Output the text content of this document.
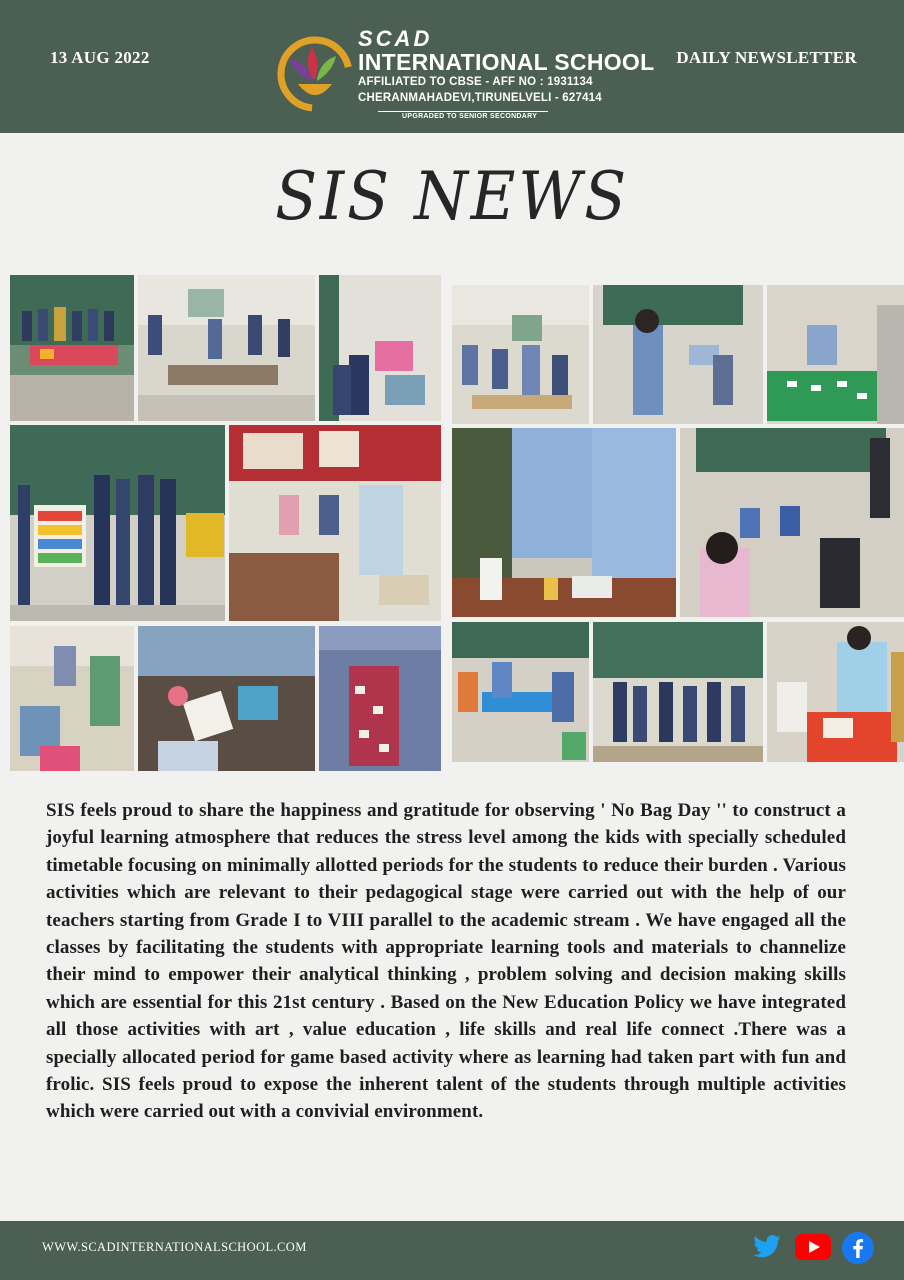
13 AUG 2022
SCAD
INTERNATIONAL SCHOOL
AFFILIATED TO CBSE - AFF NO : 1931134
CHERANMAHADEVI,TIRUNELVELI - 627414
UPGRADED TO SENIOR SECONDARY
DAILY NEWSLETTER
SIS NEWS
SIS feels proud to share the happiness and gratitude for observing ' No Bag Day '' to construct a joyful learning atmosphere that reduces the stress level among the kids with specially scheduled timetable focusing on minimally allotted periods for the students to reduce their burden . Various activities which are relevant to their pedagogical stage were carried out with the help of our teachers starting from Grade I to VIII parallel to the academic stream . We have engaged all the classes by facilitating the students with appropriate learning tools and materials to channelize their mind to empower their analytical thinking , problem solving and decision making skills which are essential for this 21st century . Based on the New Education Policy we have integrated all those activities with art , value education , life skills and real life connect .There was a specially allocated period for game based activity where as learning had taken part with fun and frolic. SIS feels proud to expose the inherent talent of the students through multiple activities which were carried out with a convivial environment.
WWW.SCADINTERNATIONALSCHOOL.COM
